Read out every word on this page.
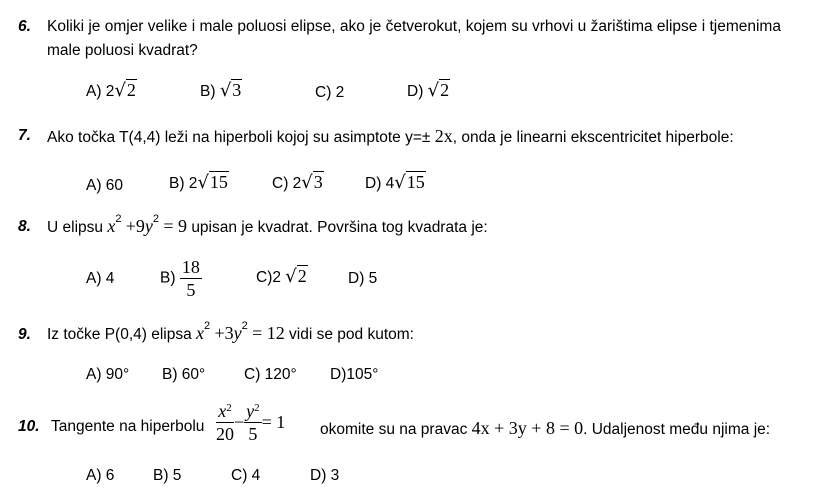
6. Koliki je omjer velike i male poluosi elipse, ako je četverokut, kojem su vrhovi u žarištima elipse i tjemenima
male poluosi kvadrat?
A) 2√2	B) √3	C) 2	D) √2
7. Ako točka T(4,4) leži na hiperboli kojoj su asimptote y=± 2x, onda je linearni ekscentricitet hiperbole:
A) 60	B) 2√15	C) 2√3	D) 4√15
8. U elipsu $x^2 +9y^2 = 9$ upisan je kvadrat. Površina tog kvadrata je:
A) 4	$B) \frac{18}{5}$	C)2 √2	D) 5
9. Iz točke P(0,4) elipsa $x^2 +3y^2 = 12$ vidi se pod kutom:
A) 90° B) 60°	C) 120° D)105°
10. Tangente na hiperbolu $\frac{x^2}{20} - \frac{y^2}{5} = 1$ okomite su na pravac 4x + 3y + 8 = 0. Udaljenost među njima je:
A) 6 B) 5	C) 4	D) 3
